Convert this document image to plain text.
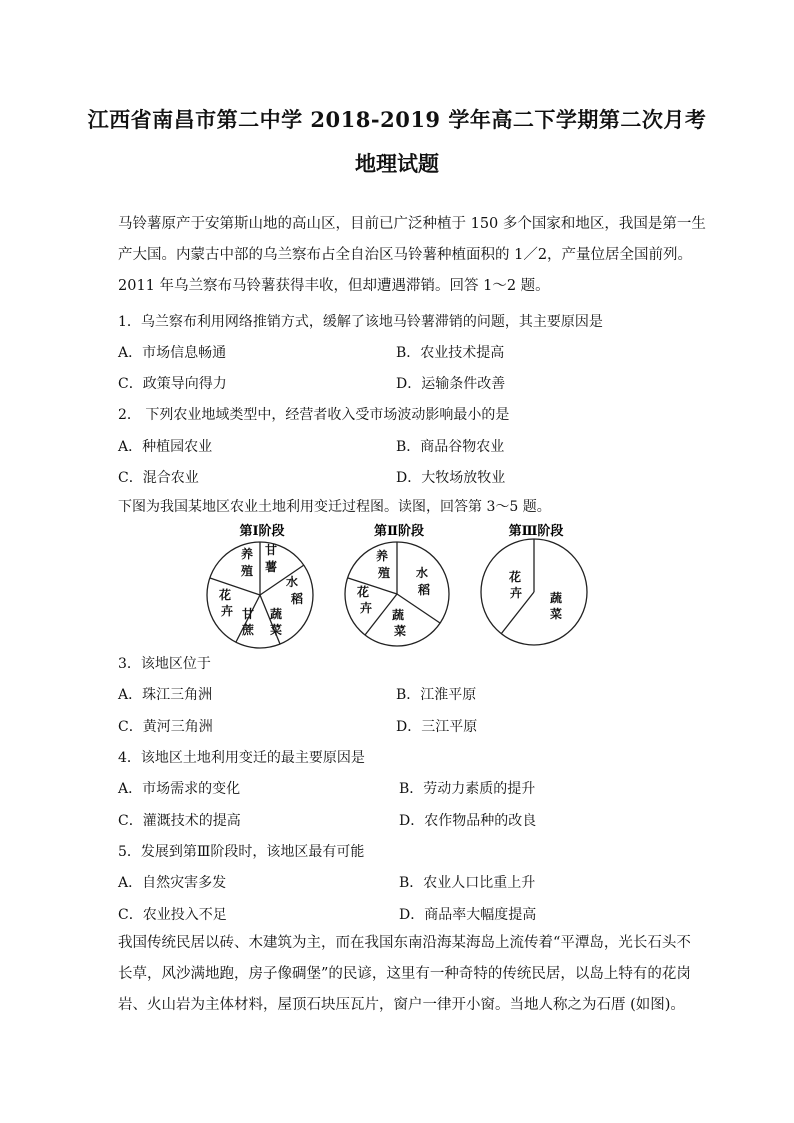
江西省南昌市第二中学 2018-2019 学年高二下学期第二次月考
地理试题
马铃薯原产于安第斯山地的高山区，目前已广泛种植于 150 多个国家和地区，我国是第一生
产大国。内蒙古中部的乌兰察布占全自治区马铃薯种植面积的 1／2，产量位居全国前列。
2011 年乌兰察布马铃薯获得丰收，但却遭遇滞销。回答 1～2 题。
1．乌兰察布利用网络推销方式，缓解了该地马铃薯滞销的问题，其主要原因是
A．市场信息畅通	B．农业技术提高
C．政策导向得力	D．运输条件改善
2． 下列农业地域类型中，经营者收入受市场波动影响最小的是
A．种植园农业	B．商品谷物农业
C．混合农业	D．大牧场放牧业
下图为我国某地区农业土地利用变迁过程图。读图，回答第 3～5 题。
第Ⅰ阶段
养
殖
甘
薯
水
稻
蔬
菜
甘
蔗
花
卉
第Ⅱ阶段
养
殖 水
稻
蔬
菜
花
卉
第Ⅲ阶段
花
卉 蔬
菜
3．该地区位于
A．珠江三角洲	B．江淮平原
C．黄河三角洲	D．三江平原
4．该地区土地利用变迁的最主要原因是
A．市场需求的变化	B．劳动力素质的提升
C．灌溉技术的提高	D．农作物品种的改良
5．发展到第Ⅲ阶段时，该地区最有可能
A．自然灾害多发	B．农业人口比重上升
C．农业投入不足	D．商品率大幅度提高
我国传统民居以砖、木建筑为主，而在我国东南沿海某海岛上流传着“平潭岛，光长石头不
长草，风沙满地跑，房子像碉堡”的民谚，这里有一种奇特的传统民居，以岛上特有的花岗
岩、火山岩为主体材料，屋顶石块压瓦片，窗户一律开小窗。当地人称之为石厝 (如图)。
